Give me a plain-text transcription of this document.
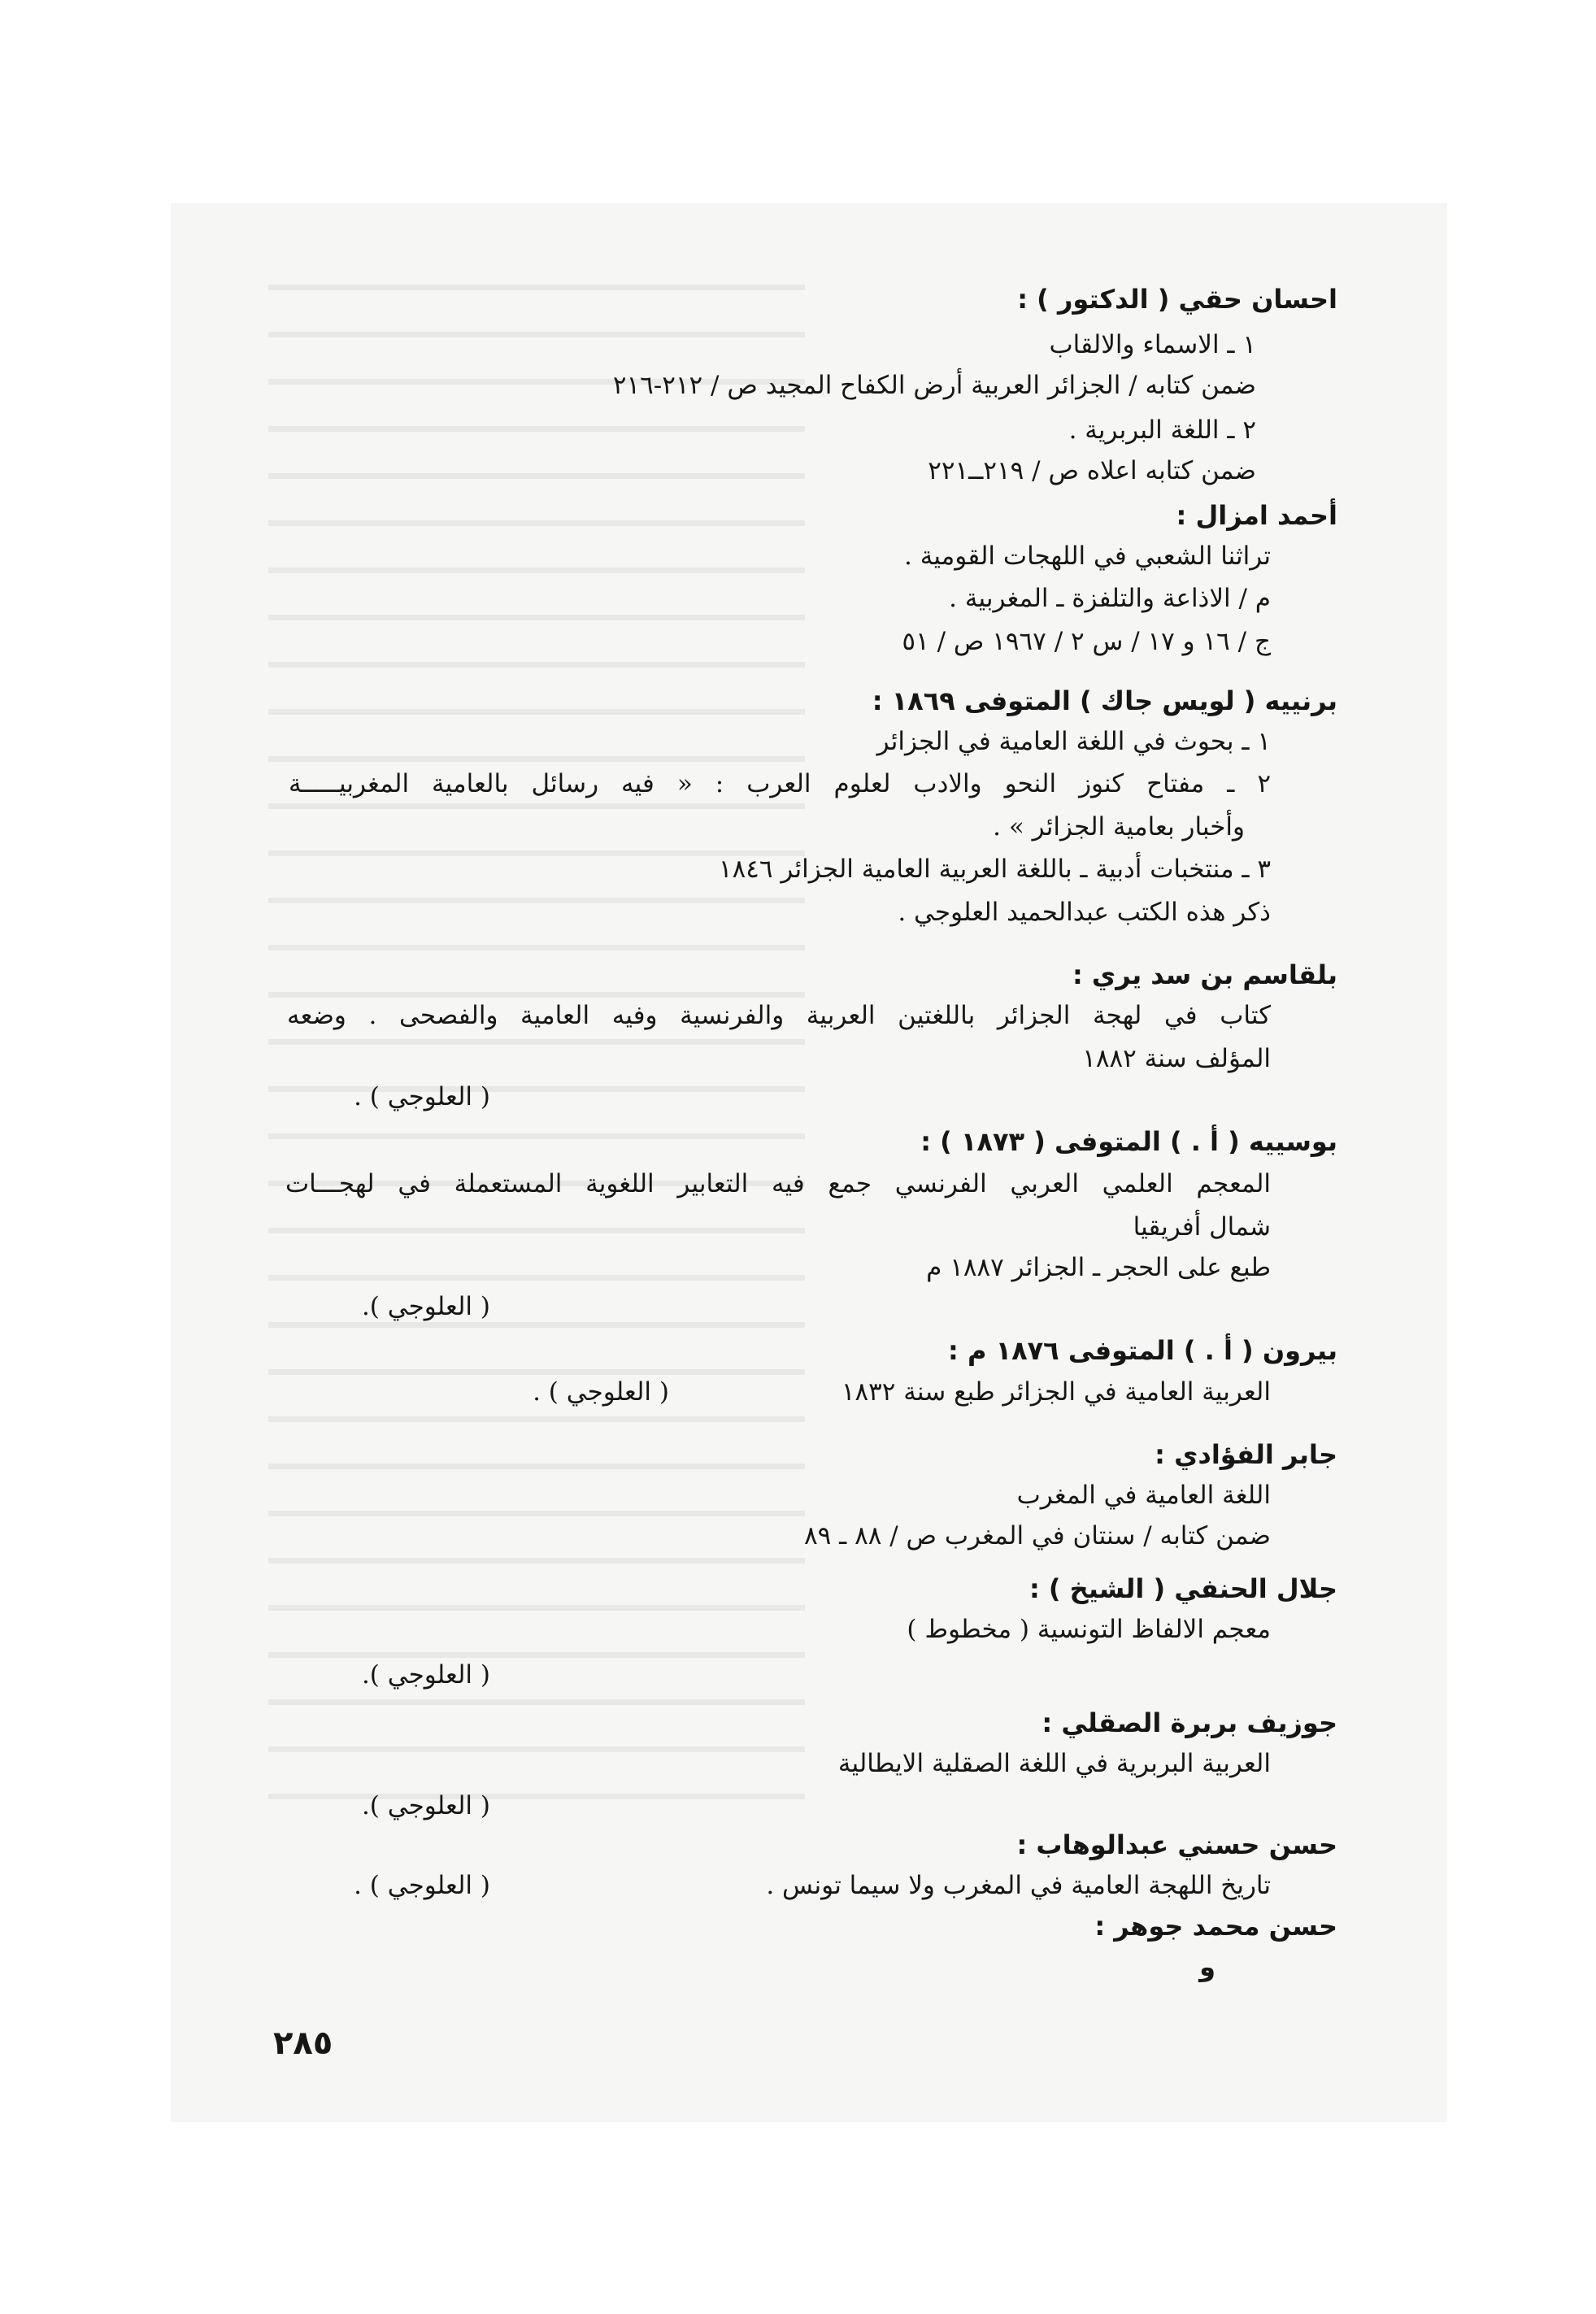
احسان حقي ( الدكتور ) :
١ ـ الاسماء والالقاب
ضمن كتابه / الجزائر العربية أرض الكفاح المجيد ص / ٢١٢-٢١٦
٢ ـ اللغة البربرية .
ضمن كتابه اعلاه ص / ٢١٩ــ٢٢١
أحمد امزال :
تراثنا الشعبي في اللهجات القومية .
م / الاذاعة والتلفزة ـ المغربية .
ج / ١٦ و ١٧ / س ٢ / ١٩٦٧ ص / ٥١
برنييه ( لويس جاك ) المتوفى ١٨٦٩ :
١ ـ بحوث في اللغة العامية في الجزائر
٢ ـ مفتاح كنوز النحو والادب لعلوم العرب : « فيه رسائل بالعامية المغربيـــــة
وأخبار بعامية الجزائر » .
٣ ـ منتخبات أدبية ـ باللغة العربية العامية الجزائر ١٨٤٦
ذكر هذه الكتب عبدالحميد العلوجي .
بلقاسم بن سد يري :
كتاب في لهجة الجزائر باللغتين العربية والفرنسية وفيه العامية والفصحى . وضعه
المؤلف سنة ١٨٨٢
( العلوجي ) .
بوسييه ( أ . ) المتوفى ( ١٨٧٣ ) :
المعجم العلمي العربي الفرنسي جمع فيه التعابير اللغوية المستعملة في لهجـــات
شمال أفريقيا
طبع على الحجر ـ الجزائر ١٨٨٧ م
( العلوجي ).
بيرون ( أ . ) المتوفى ١٨٧٦ م :
العربية العامية في الجزائر طبع سنة ١٨٣٢
( العلوجي ) .
جابر الفؤادي :
اللغة العامية في المغرب
ضمن كتابه / سنتان في المغرب ص / ٨٨ ـ ٨٩
جلال الحنفي ( الشيخ ) :
معجم الالفاظ التونسية ( مخطوط )
( العلوجي ).
جوزيف بربرة الصقلي :
العربية البربرية في اللغة الصقلية الايطالية
( العلوجي ).
حسن حسني عبدالوهاب :
تاريخ اللهجة العامية في المغرب ولا سيما تونس .
( العلوجي ) .
حسن محمد جوهر :
و
٢٨٥
